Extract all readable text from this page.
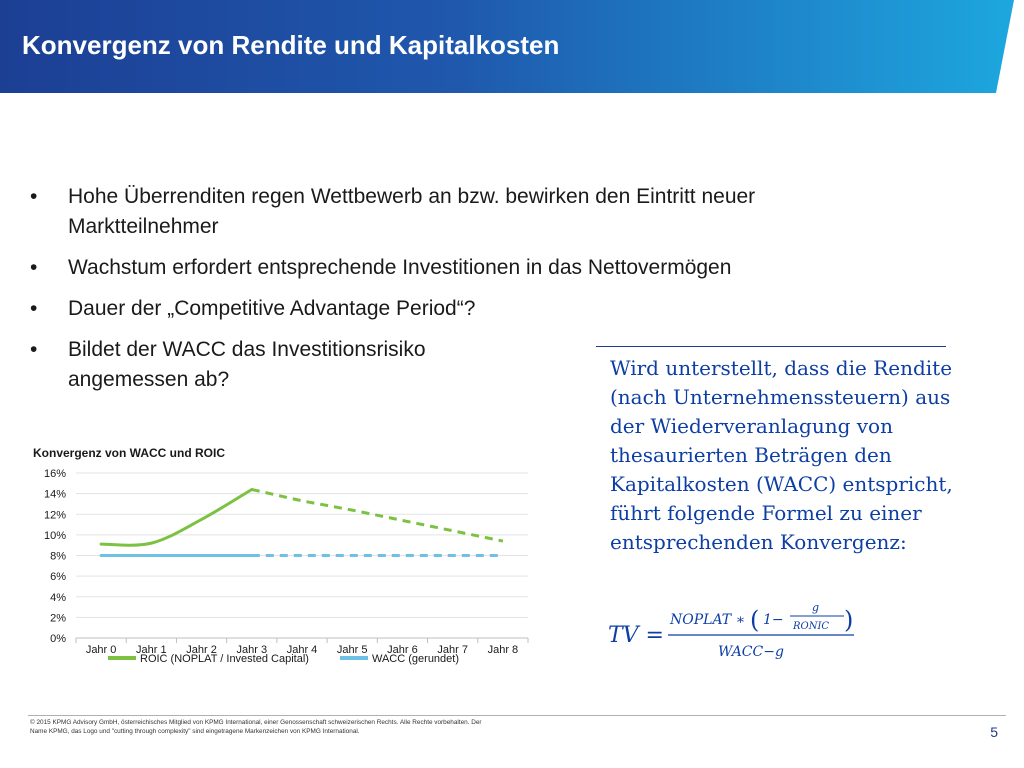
Konvergenz von Rendite und Kapitalkosten
• Hohe Überrenditen regen Wettbewerb an bzw. bewirken den Eintritt neuer Marktteilnehmer
• Wachstum erfordert entsprechende Investitionen in das Nettovermögen
• Dauer der „Competitive Advantage Period“?
• Bildet der WACC das Investitionsrisiko angemessen ab?	Wird unterstellt, dass die Rendite (nach Unternehmenssteuern) aus der Wiederveranlagung von thesaurierten Beträgen den Kapitalkosten (WACC) entspricht, führt folgende Formel zu einer entsprechenden Konvergenz:
TV =
NOPLAT ∗ ( 1−
g
RONIC )
WACC−g
Konvergenz von WACC und ROIC
0%
2%
4%
6%
8%
10%
12%
14%
16%
Jahr 0 Jahr 1 Jahr 2 Jahr 3 Jahr 4 Jahr 5 Jahr 6 Jahr 7 Jahr 8
ROIC (NOPLAT / Invested Capital)	WACC (gerundet)
© 2015 KPMG Advisory GmbH, österreichisches Mitglied von KPMG International, einer Genossenschaft schweizerischen Rechts. Alle Rechte vorbehalten. Der Name KPMG, das Logo und "cutting through complexity" sind eingetragene Markenzeichen von KPMG International.	5
